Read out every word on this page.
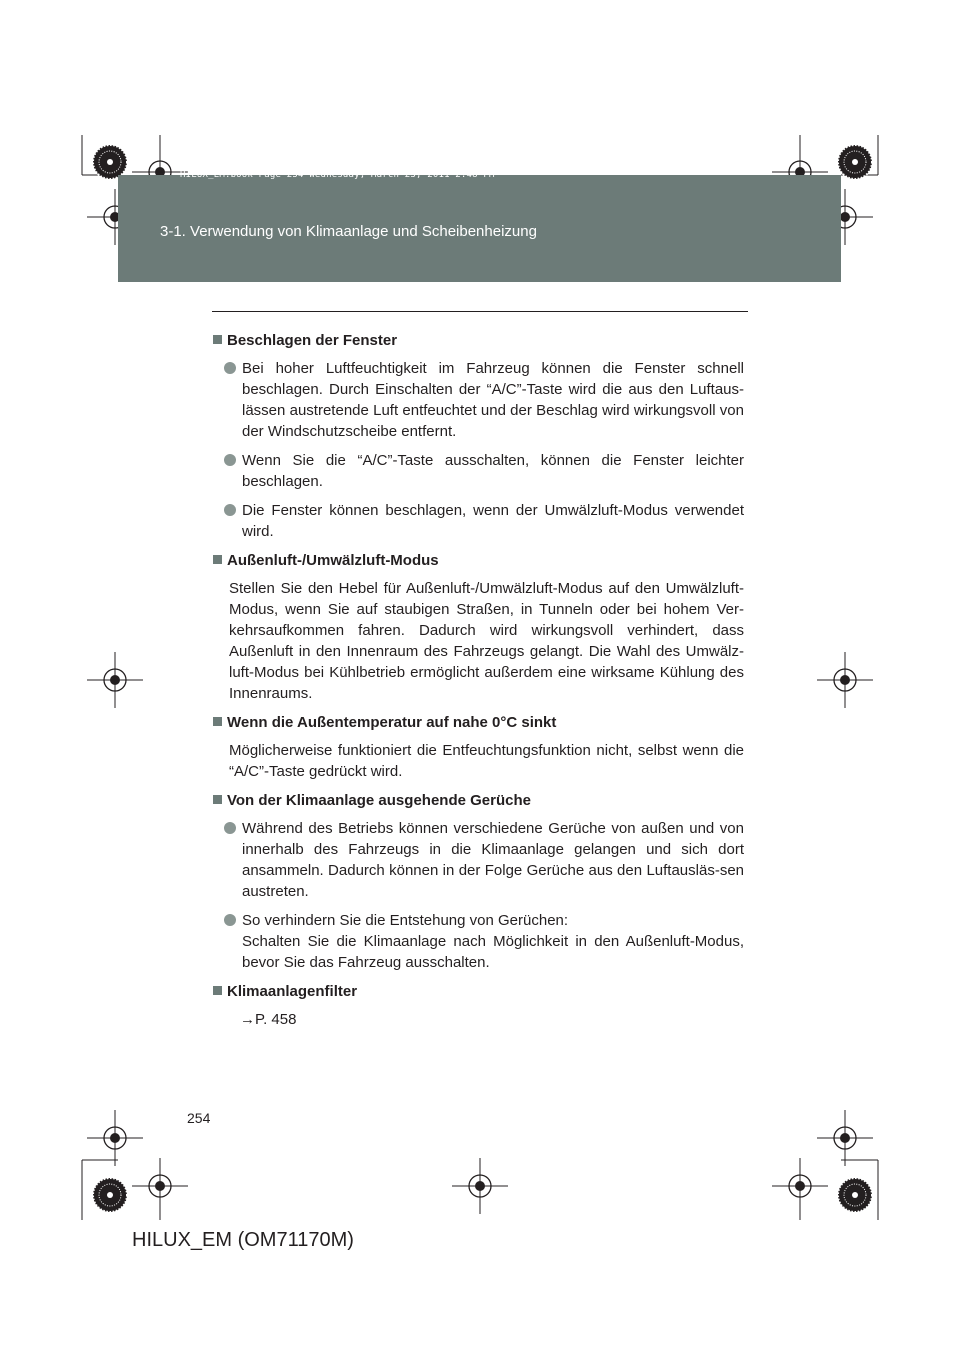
HILUX_EM.book Page 254 Wednesday, March 23, 2011 2:48 PM
3-1. Verwendung von Klimaanlage und Scheibenheizung
Beschlagen der Fenster
Bei hoher Luftfeuchtigkeit im Fahrzeug können die Fenster schnell beschlagen. Durch Einschalten der “A/C”-Taste wird die aus den Luftaus-lässen austretende Luft entfeuchtet und der Beschlag wird wirkungsvoll von der Windschutzscheibe entfernt.
Wenn Sie die “A/C”-Taste ausschalten, können die Fenster leichter beschlagen.
Die Fenster können beschlagen, wenn der Umwälzluft-Modus verwendet wird.
Außenluft-/Umwälzluft-Modus
Stellen Sie den Hebel für Außenluft-/Umwälzluft-Modus auf den Umwälzluft-Modus, wenn Sie auf staubigen Straßen, in Tunneln oder bei hohem Ver-kehrsaufkommen fahren. Dadurch wird wirkungsvoll verhindert, dass Außenluft in den Innenraum des Fahrzeugs gelangt. Die Wahl des Umwälz-luft-Modus bei Kühlbetrieb ermöglicht außerdem eine wirksame Kühlung des Innenraums.
Wenn die Außentemperatur auf nahe 0°C sinkt
Möglicherweise funktioniert die Entfeuchtungsfunktion nicht, selbst wenn die “A/C”-Taste gedrückt wird.
Von der Klimaanlage ausgehende Gerüche
Während des Betriebs können verschiedene Gerüche von außen und von innerhalb des Fahrzeugs in die Klimaanlage gelangen und sich dort ansammeln. Dadurch können in der Folge Gerüche aus den Luftausläs-sen austreten.
So verhindern Sie die Entstehung von Gerüchen:
Schalten Sie die Klimaanlage nach Möglichkeit in den Außenluft-Modus, bevor Sie das Fahrzeug ausschalten.
Klimaanlagenfilter
→P. 458
254
HILUX_EM (OM71170M)
